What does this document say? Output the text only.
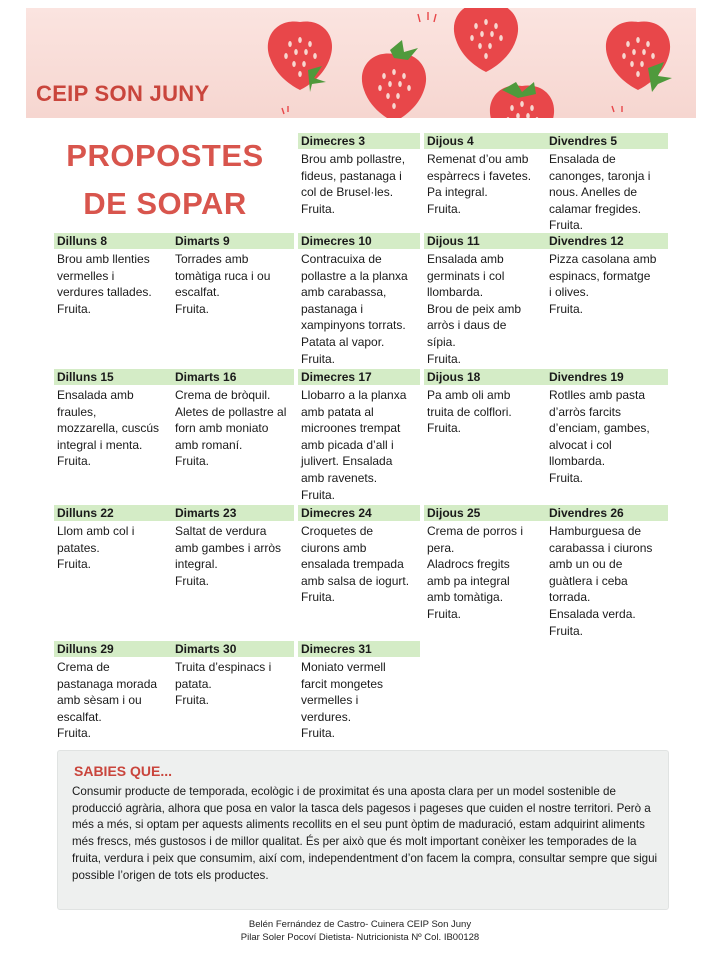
CEIP SON JUNY
PROPOSTES
DE SOPAR
Dimecres 3
Brou amb pollastre,
fideus, pastanaga i
col de Brusel·les.
Fruita.
Dijous 4
Remenat d’ou amb
espàrrecs i favetes.
Pa integral.
Fruita.
Divendres 5
Ensalada de
canonges, taronja i
nous. Anelles de
calamar fregides.
Fruita.
Dilluns 8
Brou amb llenties
vermelles i
verdures tallades.
Fruita.
Dimarts 9
Torrades amb
tomàtiga ruca i ou
escalfat.
Fruita.
Dimecres 10
Contracuixa de
pollastre a la planxa
amb carabassa,
pastanaga i
xampinyons torrats.
Patata al vapor.
Fruita.
Dijous 11
Ensalada amb
germinats i col
llombarda.
Brou de peix amb
arròs i daus de
sípia.
Fruita.
Divendres 12
Pizza casolana amb
espinacs, formatge
i olives.
Fruita.
Dilluns 15
Ensalada amb
fraules,
mozzarella, cuscús
integral i menta.
Fruita.
Dimarts 16
Crema de bròquil.
Aletes de pollastre al
forn amb moniato
amb romaní.
Fruita.
Dimecres 17
Llobarro a la planxa
amb patata al
microones trempat
amb picada d’all i
julivert. Ensalada
amb ravenets.
Fruita.
Dijous 18
Pa amb oli amb
truita de colflori.
Fruita.
Divendres 19
Rotlles amb pasta
d’arròs farcits
d’enciam, gambes,
alvocat i col
llombarda.
Fruita.
Dilluns 22
Llom amb col i
patates.
Fruita.
Dimarts 23
Saltat de verdura
amb gambes i arròs
integral.
Fruita.
Dimecres 24
Croquetes de
ciurons amb
ensalada trempada
amb salsa de iogurt.
Fruita.
Dijous 25
Crema de porros i
pera.
Aladrocs fregits
amb pa integral
amb tomàtiga.
Fruita.
Divendres 26
Hamburguesa de
carabassa i ciurons
amb un ou de
guàtlera i ceba
torrada.
Ensalada verda.
Fruita.
Dilluns 29
Crema de
pastanaga morada
amb sèsam i ou
escalfat.
Fruita.
Dimarts 30
Truita d’espinacs i
patata.
Fruita.
Dimecres 31
Moniato vermell
farcit mongetes
vermelles i
verdures.
Fruita.
SABIES QUE...
Consumir producte de temporada, ecològic i de proximitat és una aposta clara per un model sostenible de producció agrària, alhora que posa en valor la tasca dels pagesos i pageses que cuiden el nostre territori. Però a més a més, si optam per aquests aliments recollits en el seu punt òptim de maduració, estam adquirint aliments més frescs, més gustosos i de millor qualitat. És per això que és molt important conèixer les temporades de la fruita, verdura i peix que consumim, així com, independentment d’on facem la compra, consultar sempre que sigui possible l’origen de tots els productes.
Belén Fernández de Castro- Cuinera CEIP Son Juny
Pilar Soler Pocoví Dietista- Nutricionista Nº Col. IB00128
